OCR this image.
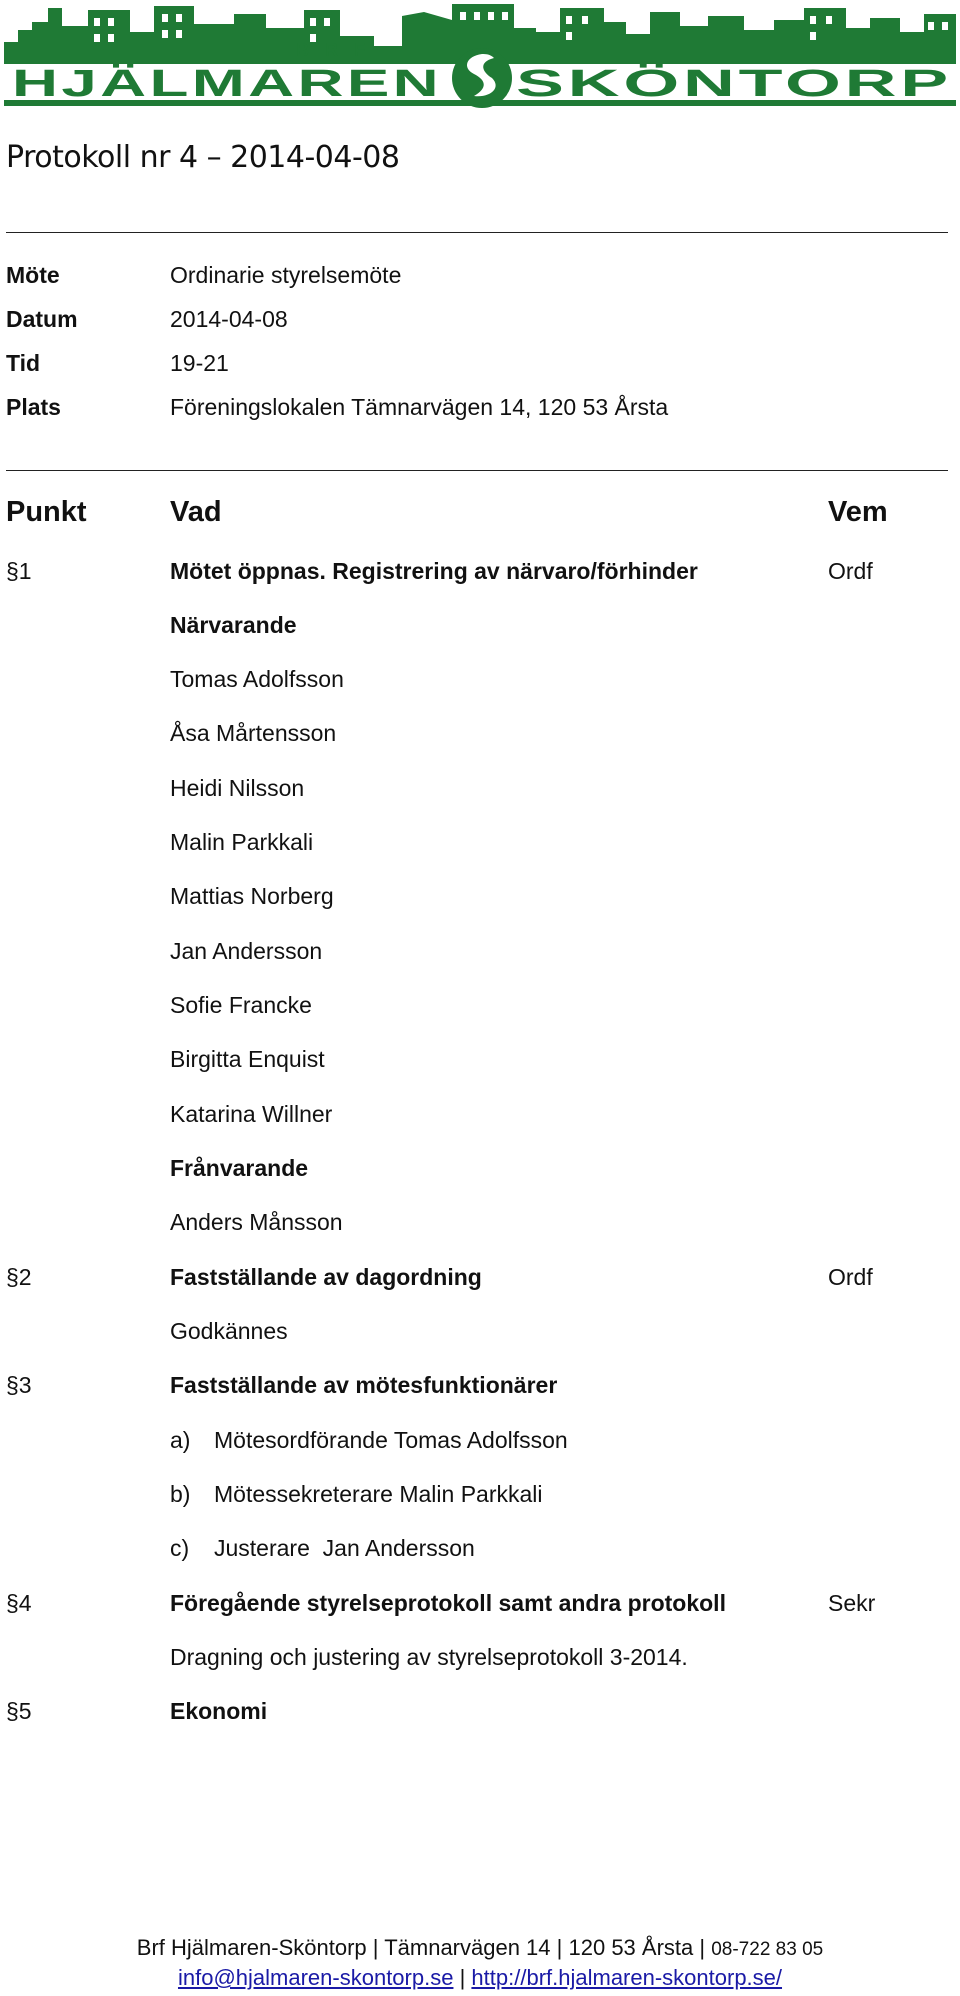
BRF
HJÄLMAREN	SKÖNTORP
Protokoll nr 4 – 2014-04-08
Möte	Ordinarie styrelsemöte
Datum	2014-04-08
Tid	19-21
Plats	Föreningslokalen Tämnarvägen 14, 120 53 Årsta
Punkt	Vad	Vem
§1	Mötet öppnas. Registrering av närvaro/förhinder	Ordf
Närvarande
Tomas Adolfsson
Åsa Mårtensson
Heidi Nilsson
Malin Parkkali
Mattias Norberg
Jan Andersson
Sofie Francke
Birgitta Enquist
Katarina Willner
Frånvarande
Anders Månsson
§2	Fastställande av dagordning	Ordf
Godkännes
§3	Fastställande av mötesfunktionärer
a) Mötesordförande Tomas Adolfsson
b) Mötessekreterare Malin Parkkali
c) Justerare  Jan Andersson
§4	Föregående styrelseprotokoll samt andra protokoll	Sekr
Dragning och justering av styrelseprotokoll 3-2014.
§5	Ekonomi
Brf Hjälmaren-Sköntorp | Tämnarvägen 14 | 120 53 Årsta | 08-722 83 05
info@hjalmaren-skontorp.se | http://brf.hjalmaren-skontorp.se/
